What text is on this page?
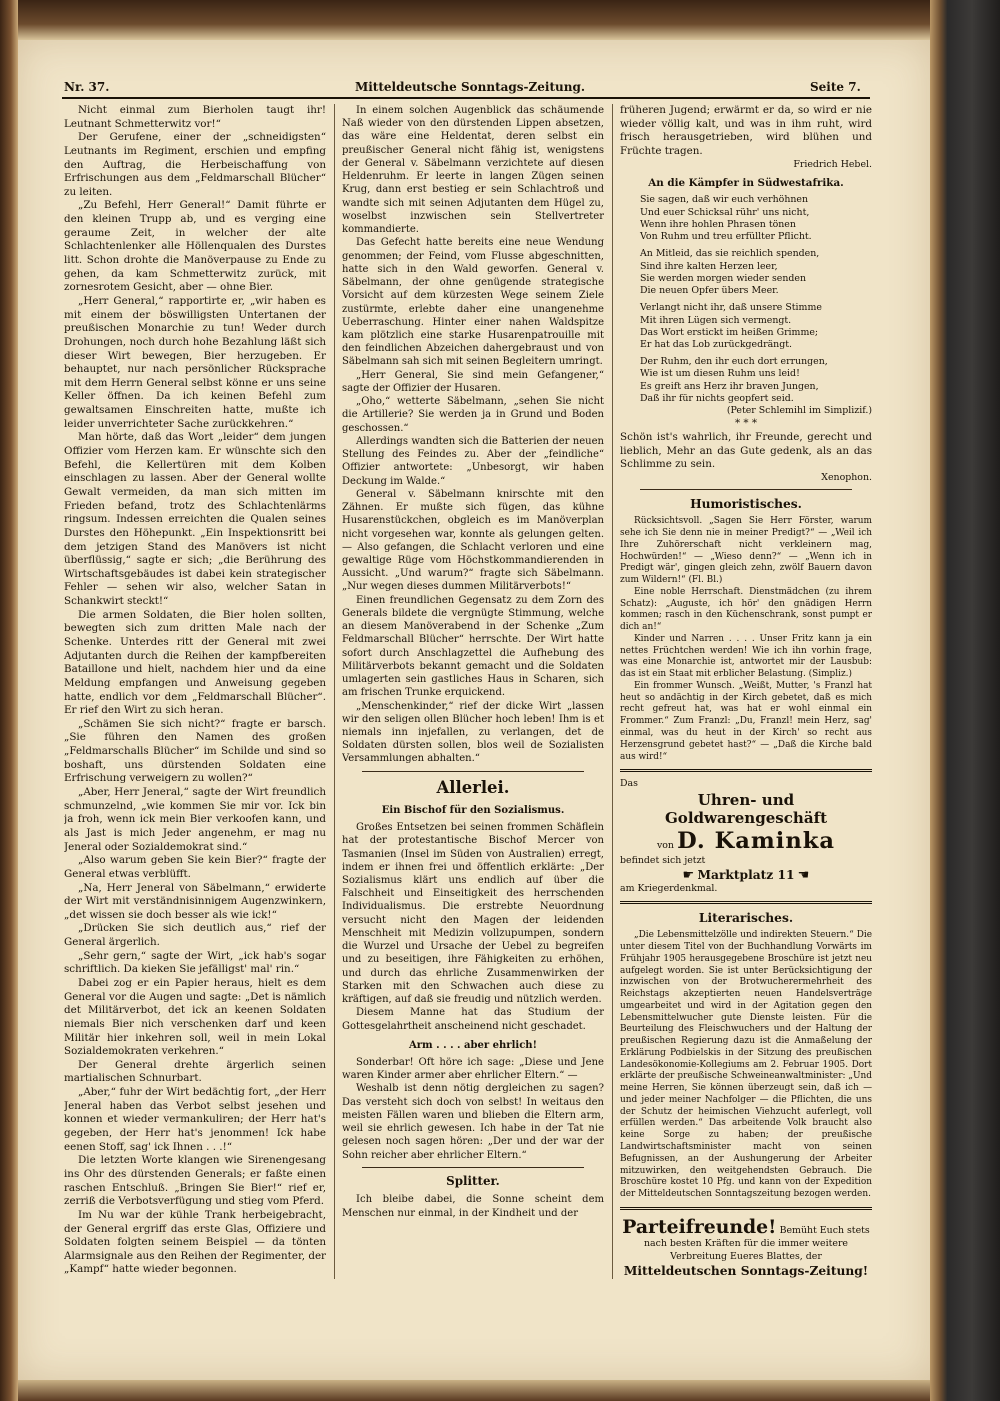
Nr. 37.	Mitteldeutsche Sonntags-Zeitung.	Seite 7.

Nicht einmal zum Bierholen taugt ihr! Leutnant Schmetterwitz vor!“

Der Gerufene, einer der „schneidigsten“ Leutnants im Regiment, erschien und empfing den Auftrag, die Herbeischaffung von Erfrischungen aus dem „Feldmarschall Blücher“ zu leiten.

„Zu Befehl, Herr General!“ Damit führte er den kleinen Trupp ab, und es verging eine geraume Zeit, in welcher der alte Schlachtenlenker alle Höllenqualen des Durstes litt. Schon drohte die Manöverpause zu Ende zu gehen, da kam Schmetterwitz zurück, mit zornesrotem Gesicht, aber — ohne Bier.

„Herr General,“ rapportirte er, „wir haben es mit einem der böswilligsten Untertanen der preußischen Monarchie zu tun! Weder durch Drohungen, noch durch hohe Bezahlung läßt sich dieser Wirt bewegen, Bier herzugeben. Er behauptet, nur nach persönlicher Rücksprache mit dem Herrn General selbst könne er uns seine Keller öffnen. Da ich keinen Befehl zum gewaltsamen Einschreiten hatte, mußte ich leider unverrichteter Sache zurückkehren.“

Man hörte, daß das Wort „leider“ dem jungen Offizier vom Herzen kam. Er wünschte sich den Befehl, die Kellertüren mit dem Kolben einschlagen zu lassen. Aber der General wollte Gewalt vermeiden, da man sich mitten im Frieden befand, trotz des Schlachtenlärms ringsum. Indessen erreichten die Qualen seines Durstes den Höhepunkt. „Ein Inspektionsritt bei dem jetzigen Stand des Manövers ist nicht überflüssig,“ sagte er sich; „die Berührung des Wirtschaftsgebäudes ist dabei kein strategischer Fehler — sehen wir also, welcher Satan in Schankwirt steckt!“

Die armen Soldaten, die Bier holen sollten, bewegten sich zum dritten Male nach der Schenke. Unterdes ritt der General mit zwei Adjutanten durch die Reihen der kampfbereiten Bataillone und hielt, nachdem hier und da eine Meldung empfangen und Anweisung gegeben hatte, endlich vor dem „Feldmarschall Blücher“. Er rief den Wirt zu sich heran.

„Schämen Sie sich nicht?“ fragte er barsch. „Sie führen den Namen des großen „Feldmarschalls Blücher“ im Schilde und sind so boshaft, uns dürstenden Soldaten eine Erfrischung verweigern zu wollen?“

„Aber, Herr Jeneral,“ sagte der Wirt freundlich schmunzelnd, „wie kommen Sie mir vor. Ick bin ja froh, wenn ick mein Bier verkoofen kann, und als Jast is mich Jeder angenehm, er mag nu Jeneral oder Sozialdemokrat sind.“

„Also warum geben Sie kein Bier?“ fragte der General etwas verblüfft.

„Na, Herr Jeneral von Säbelmann,“ erwiderte der Wirt mit verständnisinnigem Augenzwinkern, „det wissen sie doch besser als wie ick!“

„Drücken Sie sich deutlich aus,“ rief der General ärgerlich.

„Sehr gern,“ sagte der Wirt, „ick hab's sogar schriftlich. Da kieken Sie jefälligst' mal' rin.“

Dabei zog er ein Papier heraus, hielt es dem General vor die Augen und sagte: „Det is nämlich det Militärverbot, det ick an keenen Soldaten niemals Bier nich verschenken darf und keen Militär hier inkehren soll, weil in mein Lokal Sozialdemokraten verkehren.“

Der General drehte ärgerlich seinen martialischen Schnurbart.

„Aber,“ fuhr der Wirt bedächtig fort, „der Herr Jeneral haben das Verbot selbst jesehen und konnen et wieder vermankuliren; der Herr hat's gegeben, der Herr hat's jenommen! Ick habe eenen Stoff, sag' ick Ihnen . . .!“

Die letzten Worte klangen wie Sirenengesang ins Ohr des dürstenden Generals; er faßte einen raschen Entschluß. „Bringen Sie Bier!“ rief er, zerriß die Verbotsverfügung und stieg vom Pferd.

Im Nu war der kühle Trank herbeigebracht, der General ergriff das erste Glas, Offiziere und Soldaten folgten seinem Beispiel — da tönten Alarmsignale aus den Reihen der Regimenter, der „Kampf“ hatte wieder begonnen.

In einem solchen Augenblick das schäumende Naß wieder von den dürstenden Lippen absetzen, das wäre eine Heldentat, deren selbst ein preußischer General nicht fähig ist, wenigstens der General v. Säbelmann verzichtete auf diesen Heldenruhm. Er leerte in langen Zügen seinen Krug, dann erst bestieg er sein Schlachtroß und wandte sich mit seinen Adjutanten dem Hügel zu, woselbst inzwischen sein Stellvertreter kommandierte.

Das Gefecht hatte bereits eine neue Wendung genommen; der Feind, vom Flusse abgeschnitten, hatte sich in den Wald geworfen. General v. Säbelmann, der ohne genügende strategische Vorsicht auf dem kürzesten Wege seinem Ziele zustürmte, erlebte daher eine unangenehme Ueberraschung. Hinter einer nahen Waldspitze kam plötzlich eine starke Husarenpatrouille mit den feindlichen Abzeichen dahergebraust und von Säbelmann sah sich mit seinen Begleitern umringt.

„Herr General, Sie sind mein Gefangener,“ sagte der Offizier der Husaren.

„Oho,“ wetterte Säbelmann, „sehen Sie nicht die Artillerie? Sie werden ja in Grund und Boden geschossen.“

Allerdings wandten sich die Batterien der neuen Stellung des Feindes zu. Aber der „feindliche“ Offizier antwortete: „Unbesorgt, wir haben Deckung im Walde.“

General v. Säbelmann knirschte mit den Zähnen. Er mußte sich fügen, das kühne Husarenstückchen, obgleich es im Manöverplan nicht vorgesehen war, konnte als gelungen gelten. — Also gefangen, die Schlacht verloren und eine gewaltige Rüge vom Höchstkommandierenden in Aussicht. „Und warum?“ fragte sich Säbelmann. „Nur wegen dieses dummen Militärverbots!“

Einen freundlichen Gegensatz zu dem Zorn des Generals bildete die vergnügte Stimmung, welche an diesem Manöverabend in der Schenke „Zum Feldmarschall Blücher“ herrschte. Der Wirt hatte sofort durch Anschlagzettel die Aufhebung des Militärverbots bekannt gemacht und die Soldaten umlagerten sein gastliches Haus in Scharen, sich am frischen Trunke erquickend.

„Menschenkinder,“ rief der dicke Wirt „lassen wir den seligen ollen Blücher hoch leben! Ihm is et niemals inn injefallen, zu verlangen, det de Soldaten dürsten sollen, blos weil de Sozialisten Versammlungen abhalten.“

Allerlei.

Ein Bischof für den Sozialismus.

Großes Entsetzen bei seinen frommen Schäflein hat der protestantische Bischof Mercer von Tasmanien (Insel im Süden von Australien) erregt, indem er ihnen frei und öffentlich erklärte: „Der Sozialismus klärt uns endlich auf über die Falschheit und Einseitigkeit des herrschenden Individualismus. Die erstrebte Neuordnung versucht nicht den Magen der leidenden Menschheit mit Medizin vollzupumpen, sondern die Wurzel und Ursache der Uebel zu begreifen und zu beseitigen, ihre Fähigkeiten zu erhöhen, und durch das ehrliche Zusammenwirken der Starken mit den Schwachen auch diese zu kräftigen, auf daß sie freudig und nützlich werden.

Diesem Manne hat das Studium der Gottesgelahrtheit anscheinend nicht geschadet.

Arm . . . . aber ehrlich!

Sonderbar! Oft höre ich sage: „Diese und Jene waren Kinder armer aber ehrlicher Eltern.“ —

Weshalb ist denn nötig dergleichen zu sagen? Das versteht sich doch von selbst! In weitaus den meisten Fällen waren und blieben die Eltern arm, weil sie ehrlich gewesen. Ich habe in der Tat nie gelesen noch sagen hören: „Der und der war der Sohn reicher aber ehrlicher Eltern.“

Splitter.

Ich bleibe dabei, die Sonne scheint dem Menschen nur einmal, in der Kindheit und der

früheren Jugend; erwärmt er da, so wird er nie wieder völlig kalt, und was in ihm ruht, wird frisch herausgetrieben, wird blühen und Früchte tragen.

Friedrich Hebel.

An die Kämpfer in Südwestafrika.

Sie sagen, daß wir euch verhöhnen

Und euer Schicksal rühr' uns nicht,

Wenn ihre hohlen Phrasen tönen

Von Ruhm und treu erfüllter Pflicht.

An Mitleid, das sie reichlich spenden,

Sind ihre kalten Herzen leer,

Sie werden morgen wieder senden

Die neuen Opfer übers Meer.

Verlangt nicht ihr, daß unsere Stimme

Mit ihren Lügen sich vermengt.

Das Wort erstickt im heißen Grimme;

Er hat das Lob zurückgedrängt.

Der Ruhm, den ihr euch dort errungen,

Wie ist um diesen Ruhm uns leid!

Es greift ans Herz ihr braven Jungen,

Daß ihr für nichts geopfert seid.

(Peter Schlemihl im Simplizif.)

* * *

Schön ist's wahrlich, ihr Freunde, gerecht und lieblich, Mehr an das Gute gedenk, als an das Schlimme zu sein.

Xenophon.

Humoristisches.

Rücksichtsvoll. „Sagen Sie Herr Förster, warum sehe ich Sie denn nie in meiner Predigt?“ — „Weil ich Ihre Zuhörerschaft nicht verkleinern mag, Hochwürden!“ — „Wieso denn?“ — „Wenn ich in Predigt wär', gingen gleich zehn, zwölf Bauern davon zum Wildern!“ (Fl. Bl.)

Eine noble Herrschaft. Dienstmädchen (zu ihrem Schatz): „Auguste, ich hör' den gnädigen Herrn kommen; rasch in den Küchenschrank, sonst pumpt er dich an!“

Kinder und Narren . . . . Unser Fritz kann ja ein nettes Früchtchen werden! Wie ich ihn vorhin frage, was eine Monarchie ist, antwortet mir der Lausbub: das ist ein Staat mit erblicher Belastung. (Simpliz.)

Ein frommer Wunsch. „Weißt, Mutter, 's Franzl hat heut so andächtig in der Kirch gebetet, daß es mich recht gefreut hat, was hat er wohl einmal ein Frommer.“ Zum Franzl: „Du, Franzl! mein Herz, sag' einmal, was du heut in der Kirch' so recht aus Herzensgrund gebetet hast?“ — „Daß die Kirche bald aus wird!“

Das

Uhren- und Goldwarengeschäft

von D. Kaminka

befindet sich jetzt

☛ Marktplatz 11 ☚

am Kriegerdenkmal.

Literarisches.

„Die Lebensmittelzölle und indirekten Steuern.“ Die unter diesem Titel von der Buchhandlung Vorwärts im Frühjahr 1905 herausgegebene Broschüre ist jetzt neu aufgelegt worden. Sie ist unter Berücksichtigung der inzwischen von der Brotwucherermehrheit des Reichstags akzeptierten neuen Handelsverträge umgearbeitet und wird in der Agitation gegen den Lebensmittelwucher gute Dienste leisten. Für die Beurteilung des Fleischwuchers und der Haltung der preußischen Regierung dazu ist die Anmaßelung der Erklärung Podbielskis in der Sitzung des preußischen Landesökonomie-Kollegiums am 2. Februar 1905. Dort erklärte der preußische Schweineanwaltminister: „Und meine Herren, Sie können überzeugt sein, daß ich — und jeder meiner Nachfolger — die Pflichten, die uns der Schutz der heimischen Viehzucht auferlegt, voll erfüllen werden.“ Das arbeitende Volk braucht also keine Sorge zu haben; der preußische Landwirtschaftsminister macht von seinen Befugnissen, an der Aushungerung der Arbeiter mitzuwirken, den weitgehendsten Gebrauch. Die Broschüre kostet 10 Pfg. und kann von der Expedition der Mitteldeutschen Sonntagszeitung bezogen werden.

Parteifreunde! Bemüht Euch stets

nach besten Kräften für die immer weitere

Verbreitung Eueres Blattes, der

Mitteldeutschen Sonntags-Zeitung!
